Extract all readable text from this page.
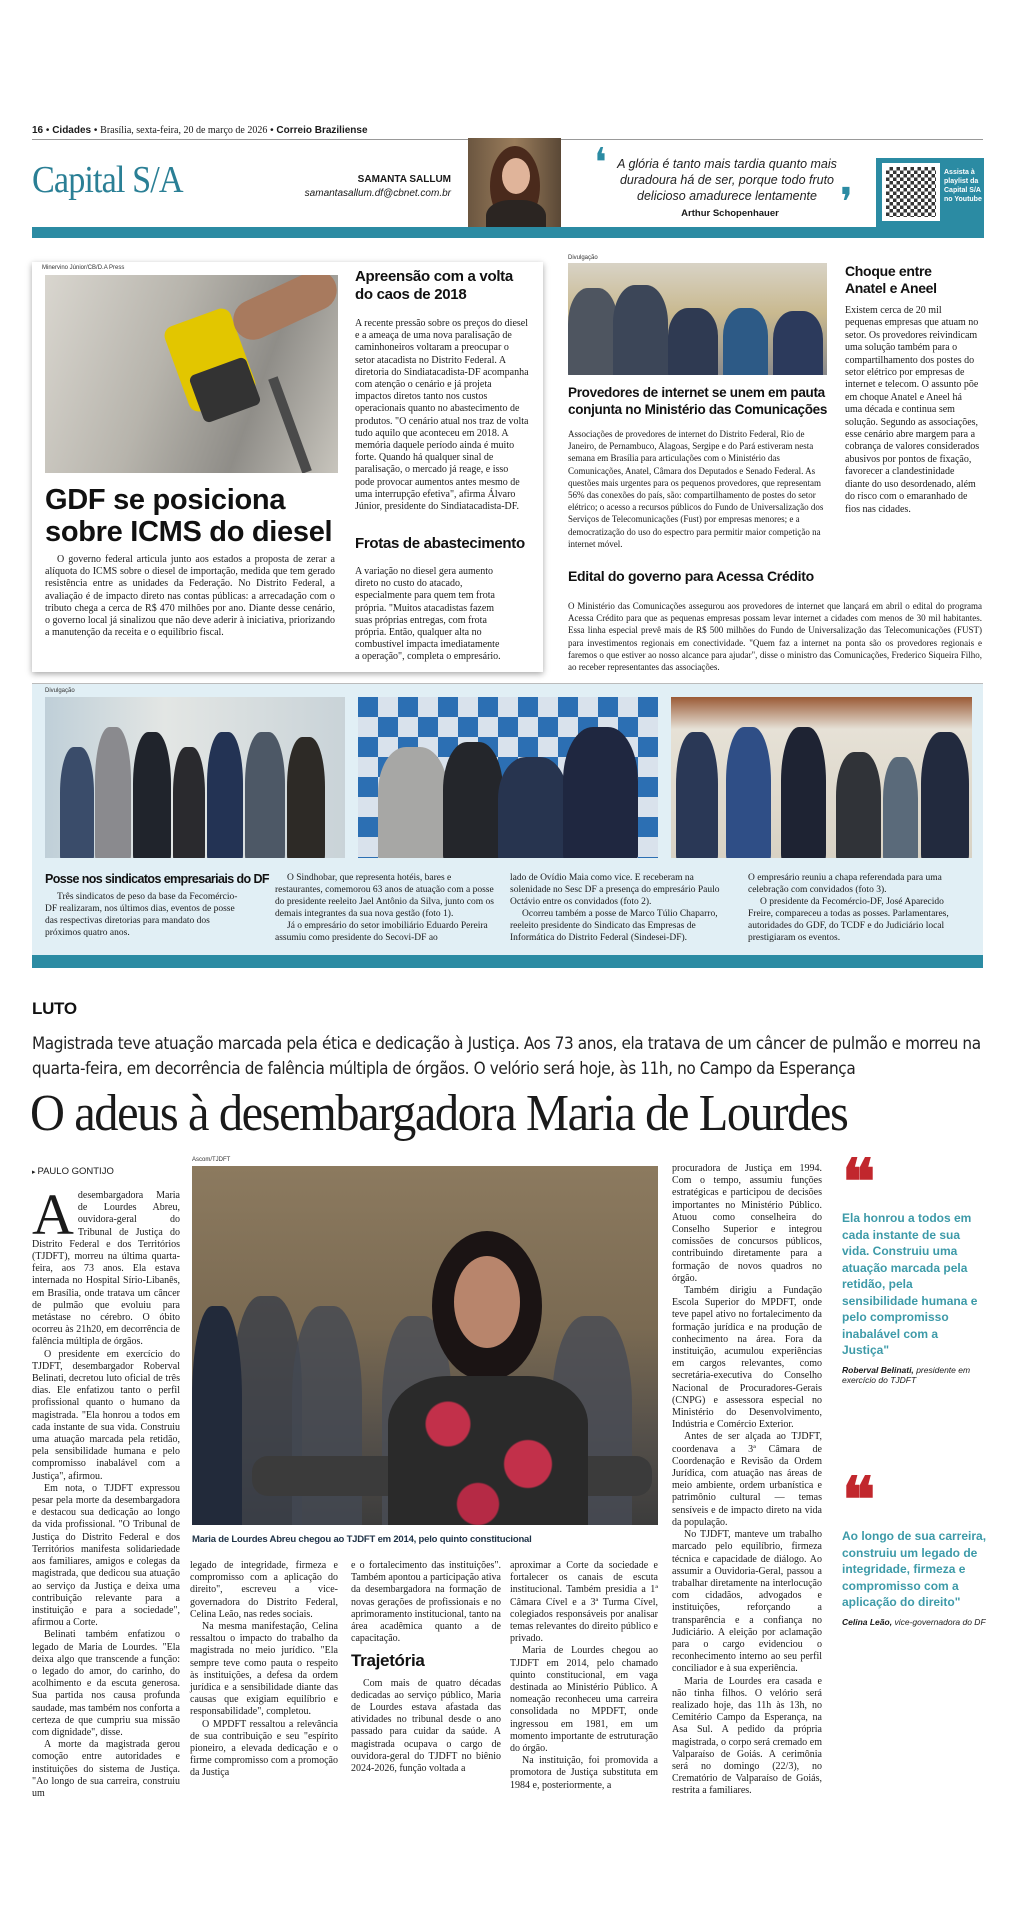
16 • Cidades • Brasília, sexta-feira, 20 de março de 2026 • Correio Braziliense
Capital S/A	SAMANTA SALLUM
samantasallum.df@cbnet.com.br
❛ A glória é tanto mais tardia quanto mais duradoura há de ser, porque todo fruto delicioso amadurece lentamente
Arthur Schopenhauer	❜
Assista à playlist da Capital S/A no Youtube
Minervino Júnior/CB/D.A Press
GDF se posiciona sobre ICMS do diesel

O governo federal articula junto aos estados a proposta de zerar a alíquota do ICMS sobre o diesel de importação, medida que tem gerado resistência entre as unidades da Federação. No Distrito Federal, a avaliação é de impacto direto nas contas públicas: a arrecadação com o tributo chega a cerca de R$ 470 milhões por ano. Diante desse cenário, o governo local já sinalizou que não deve aderir à iniciativa, priorizando a manutenção da receita e o equilíbrio fiscal.

Apreensão com a volta do caos de 2018
A recente pressão sobre os preços do diesel e a ameaça de uma nova paralisação de caminhoneiros voltaram a preocupar o setor atacadista no Distrito Federal. A diretoria do Sindiatacadista-DF acompanha com atenção o cenário e já projeta impactos diretos tanto nos custos operacionais quanto no abastecimento de produtos. "O cenário atual nos traz de volta tudo aquilo que aconteceu em 2018. A memória daquele período ainda é muito forte. Quando há qualquer sinal de paralisação, o mercado já reage, e isso pode provocar aumentos antes mesmo de uma interrupção efetiva", afirma Álvaro Júnior, presidente do Sindiatacadista-DF.
Frotas de abastecimento
A variação no diesel gera aumento direto no custo do atacado, especialmente para quem tem frota própria. "Muitos atacadistas fazem suas próprias entregas, com frota própria. Então, qualquer alta no combustível impacta imediatamente a operação", completa o empresário.
Divulgação
Provedores de internet se unem em pauta conjunta no Ministério das Comunicações
Associações de provedores de internet do Distrito Federal, Rio de Janeiro, de Pernambuco, Alagoas, Sergipe e do Pará estiveram nesta semana em Brasília para articulações com o Ministério das Comunicações, Anatel, Câmara dos Deputados e Senado Federal. As questões mais urgentes para os pequenos provedores, que representam 56% das conexões do país, são: compartilhamento de postes do setor elétrico; o acesso a recursos públicos do Fundo de Universalização dos Serviços de Telecomunicações (Fust) por empresas menores; e a democratização do uso do espectro para permitir maior competição na internet móvel.
Choque entre Anatel e Aneel
Existem cerca de 20 mil pequenas empresas que atuam no setor. Os provedores reivindicam uma solução também para o compartilhamento dos postes do setor elétrico por empresas de internet e telecom. O assunto põe em choque Anatel e Aneel há uma década e continua sem solução. Segundo as associações, esse cenário abre margem para a cobrança de valores considerados abusivos por pontos de fixação, favorecer a clandestinidade diante do uso desordenado, além do risco com o emaranhado de fios nas cidades.
Edital do governo para Acessa Crédito
O Ministério das Comunicações assegurou aos provedores de internet que lançará em abril o edital do programa Acessa Crédito para que as pequenas empresas possam levar internet a cidades com menos de 30 mil habitantes. Essa linha especial prevê mais de R$ 500 milhões do Fundo de Universalização das Telecomunicações (FUST) para investimentos regionais em conectividade. "Quem faz a internet na ponta são os provedores regionais e faremos o que estiver ao nosso alcance para ajudar", disse o ministro das Comunicações, Frederico Siqueira Filho, ao receber representantes das associações.
Divulgação
Posse nos sindicatos empresariais do DF

Três sindicatos de peso da base da Fecomércio-DF realizaram, nos últimos dias, eventos de posse das respectivas diretorias para mandato dos próximos quatro anos.

O Sindhobar, que representa hotéis, bares e restaurantes, comemorou 63 anos de atuação com a posse do presidente reeleito Jael Antônio da Silva, junto com os demais integrantes da sua nova gestão (foto 1).

Já o empresário do setor imobiliário Eduardo Pereira assumiu como presidente do Secovi-DF ao

lado de Ovídio Maia como vice. E receberam na solenidade no Sesc DF a presença do empresário Paulo Octávio entre os convidados (foto 2).

Ocorreu também a posse de Marco Túlio Chaparro, reeleito presidente do Sindicato das Empresas de Informática do Distrito Federal (Sindesei-DF).

O empresário reuniu a chapa referendada para uma celebração com convidados (foto 3).

O presidente da Fecomércio-DF, José Aparecido Freire, compareceu a todas as posses. Parlamentares, autoridades do GDF, do TCDF e do Judiciário local prestigiaram os eventos.

LUTO
Magistrada teve atuação marcada pela ética e dedicação à Justiça. Aos 73 anos, ela tratava de um câncer de pulmão e morreu na quarta-feira, em decorrência de falência múltipla de órgãos. O velório será hoje, às 11h, no Campo da Esperança
O adeus à desembargadora Maria de Lourdes
▸ PAULO GONTIJO
A desembargadora Maria de Lourdes Abreu, ouvidora-geral do Tribunal de Justiça do Distrito Federal e dos Territórios (TJDFT), morreu na última quarta-feira, aos 73 anos. Ela estava internada no Hospital Sírio-Libanês, em Brasília, onde tratava um câncer de pulmão que evoluiu para metástase no cérebro. O óbito ocorreu às 21h20, em decorrência de falência múltipla de órgãos.

O presidente em exercício do TJDFT, desembargador Roberval Belinati, decretou luto oficial de três dias. Ele enfatizou tanto o perfil profissional quanto o humano da magistrada. "Ela honrou a todos em cada instante de sua vida. Construiu uma atuação marcada pela retidão, pela sensibilidade humana e pelo compromisso inabalável com a Justiça", afirmou.

Em nota, o TJDFT expressou pesar pela morte da desembargadora e destacou sua dedicação ao longo da vida profissional. "O Tribunal de Justiça do Distrito Federal e dos Territórios manifesta solidariedade aos familiares, amigos e colegas da magistrada, que dedicou sua atuação ao serviço da Justiça e deixa uma contribuição relevante para a instituição e para a sociedade", afirmou a Corte.

Belinati também enfatizou o legado de Maria de Lourdes. "Ela deixa algo que transcende a função: o legado do amor, do carinho, do acolhimento e da escuta generosa. Sua partida nos causa profunda saudade, mas também nos conforta a certeza de que cumpriu sua missão com dignidade", disse.

A morte da magistrada gerou comoção entre autoridades e instituições do sistema de Justiça. "Ao longo de sua carreira, construiu um

Ascom/TJDFT
Maria de Lourdes Abreu chegou ao TJDFT em 2014, pelo quinto constitucional

legado de integridade, firmeza e compromisso com a aplicação do direito", escreveu a vice-governadora do Distrito Federal, Celina Leão, nas redes sociais.

Na mesma manifestação, Celina ressaltou o impacto do trabalho da magistrada no meio jurídico. "Ela sempre teve como pauta o respeito às instituições, a defesa da ordem jurídica e a sensibilidade diante das causas que exigiam equilíbrio e responsabilidade", completou.

O MPDFT ressaltou a relevância de sua contribuição e seu "espírito pioneiro, a elevada dedicação e o firme compromisso com a promoção da Justiça

e o fortalecimento das instituições". Também apontou a participação ativa da desembargadora na formação de novas gerações de profissionais e no aprimoramento institucional, tanto na área acadêmica quanto a de capacitação.

Trajetória

Com mais de quatro décadas dedicadas ao serviço público, Maria de Lourdes estava afastada das atividades no tribunal desde o ano passado para cuidar da saúde. A magistrada ocupava o cargo de ouvidora-geral do TJDFT no biênio 2024-2026, função voltada a

aproximar a Corte da sociedade e fortalecer os canais de escuta institucional. Também presidia a 1ª Câmara Cível e a 3ª Turma Cível, colegiados responsáveis por analisar temas relevantes do direito público e privado.

Maria de Lourdes chegou ao TJDFT em 2014, pelo chamado quinto constitucional, em vaga destinada ao Ministério Público. A nomeação reconheceu uma carreira consolidada no MPDFT, onde ingressou em 1981, em um momento importante de estruturação do órgão.

Na instituição, foi promovida a promotora de Justiça substituta em 1984 e, posteriormente, a

procuradora de Justiça em 1994. Com o tempo, assumiu funções estratégicas e participou de decisões importantes no Ministério Público. Atuou como conselheira do Conselho Superior e integrou comissões de concursos públicos, contribuindo diretamente para a formação de novos quadros no órgão.

Também dirigiu a Fundação Escola Superior do MPDFT, onde teve papel ativo no fortalecimento da formação jurídica e na produção de conhecimento na área. Fora da instituição, acumulou experiências em cargos relevantes, como secretária-executiva do Conselho Nacional de Procuradores-Gerais (CNPG) e assessora especial no Ministério do Desenvolvimento, Indústria e Comércio Exterior.

Antes de ser alçada ao TJDFT, coordenava a 3ª Câmara de Coordenação e Revisão da Ordem Jurídica, com atuação nas áreas de meio ambiente, ordem urbanística e patrimônio cultural — temas sensíveis e de impacto direto na vida da população.

No TJDFT, manteve um trabalho marcado pelo equilíbrio, firmeza técnica e capacidade de diálogo. Ao assumir a Ouvidoria-Geral, passou a trabalhar diretamente na interlocução com cidadãos, advogados e instituições, reforçando a transparência e a confiança no Judiciário. A eleição por aclamação para o cargo evidenciou o reconhecimento interno ao seu perfil conciliador e à sua experiência.

Maria de Lourdes era casada e não tinha filhos. O velório será realizado hoje, das 11h às 13h, no Cemitério Campo da Esperança, na Asa Sul. A pedido da própria magistrada, o corpo será cremado em Valparaíso de Goiás. A cerimônia será no domingo (22/3), no Crematório de Valparaíso de Goiás, restrita a familiares.

❝
Ela honrou a todos em cada instante de sua vida. Construiu uma atuação marcada pela retidão, pela sensibilidade humana e pelo compromisso inabalável com a Justiça"
Roberval Belinati, presidente em exercício do TJDFT
❝
Ao longo de sua carreira, construiu um legado de integridade, firmeza e compromisso com a aplicação do direito"
Celina Leão, vice-governadora do DF
